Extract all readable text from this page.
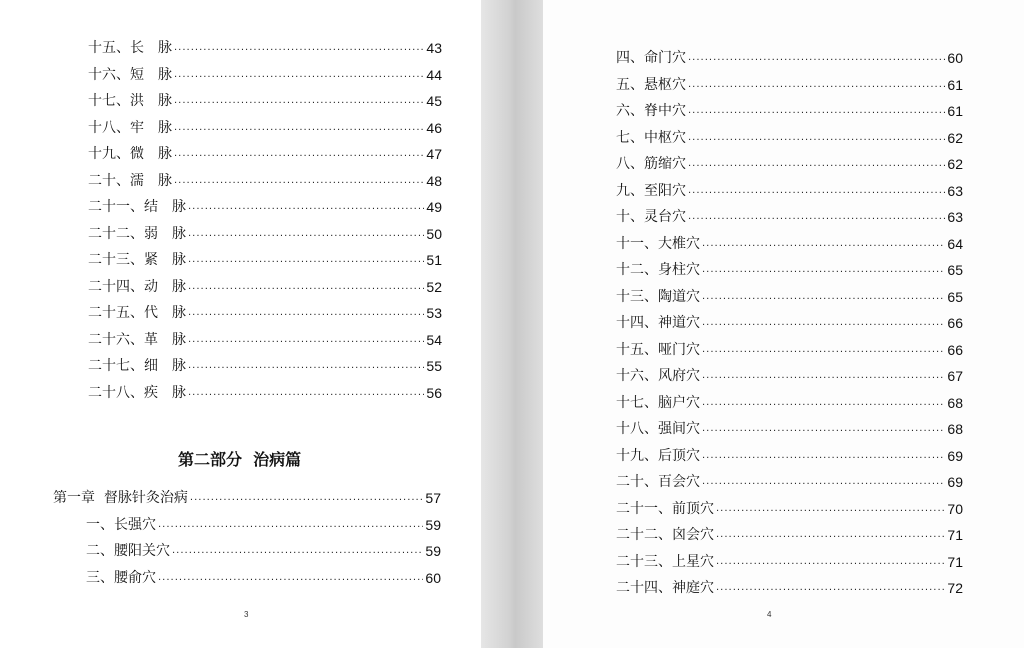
十五、长　脉 .....	43
十六、短　脉 .....	44
十七、洪　脉 .....	45
十八、牢　脉 .....	46
十九、微　脉 .....	47
二十、濡　脉 .....	48
二十一、结　脉 .....	49
二十二、弱　脉 .....	50
二十三、紧　脉 .....	51
二十四、动　脉 .....	52
二十五、代　脉 .....	53
二十六、革　脉 .....	54
二十七、细　脉 .....	55
二十八、疾　脉 .....	56
第二部分  治病篇
第一章  督脉针灸治病 .....	57
一、长强穴 .....	59
二、腰阳关穴 .....	59
三、腰俞穴 .....	60
3
四、命门穴 .....	60
五、悬枢穴 .....	61
六、脊中穴 .....	61
七、中枢穴 .....	62
八、筋缩穴 .....	62
九、至阳穴 .....	63
十、灵台穴 .....	63
十一、大椎穴 .....	64
十二、身柱穴 .....	65
十三、陶道穴 .....	65
十四、神道穴 .....	66
十五、哑门穴 .....	66
十六、风府穴 .....	67
十七、脑户穴 .....	68
十八、强间穴 .....	68
十九、后顶穴 .....	69
二十、百会穴 .....	69
二十一、前顶穴 .....	70
二十二、囟会穴 .....	71
二十三、上星穴 .....	71
二十四、神庭穴 .....	72
4
